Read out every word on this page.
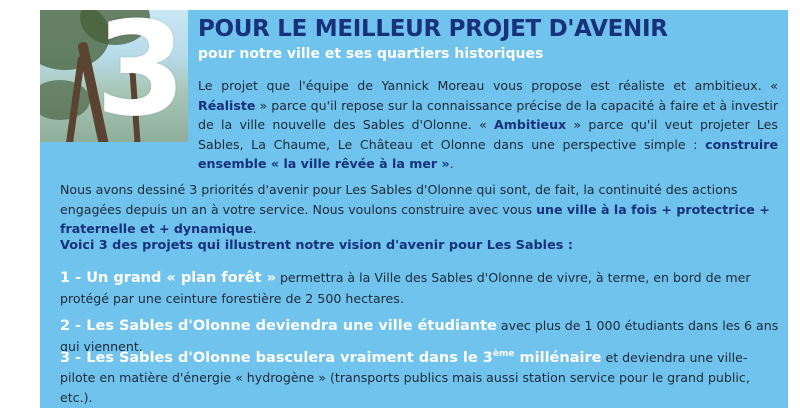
3 POUR LE MEILLEUR PROJET D'AVENIR

pour notre ville et ses quartiers historiques

Le projet que l'équipe de Yannick Moreau vous propose est réaliste et ambitieux. « Réaliste » parce qu'il repose sur la connaissance précise de la capacité à faire et à investir de la ville nouvelle des Sables d'Olonne. « Ambitieux » parce qu'il veut projeter Les Sables, La Chaume, Le Château et Olonne dans une perspective simple : construire ensemble « la ville rêvée à la mer ».

Nous avons dessiné 3 priorités d'avenir pour Les Sables d'Olonne qui sont, de fait, la continuité des actions engagées depuis un an à votre service. Nous voulons construire avec vous une ville à la fois + protectrice + fraternelle et + dynamique.

Voici 3 des projets qui illustrent notre vision d'avenir pour Les Sables :

1 - Un grand « plan forêt » permettra à la Ville des Sables d'Olonne de vivre, à terme, en bord de mer protégé par une ceinture forestière de 2 500 hectares.

2 - Les Sables d'Olonne deviendra une ville étudiante avec plus de 1 000 étudiants dans les 6 ans qui viennent.

3 - Les Sables d'Olonne basculera vraiment dans le 3ème millénaire et deviendra une ville-pilote en matière d'énergie « hydrogène » (transports publics mais aussi station service pour le grand public, etc.).
